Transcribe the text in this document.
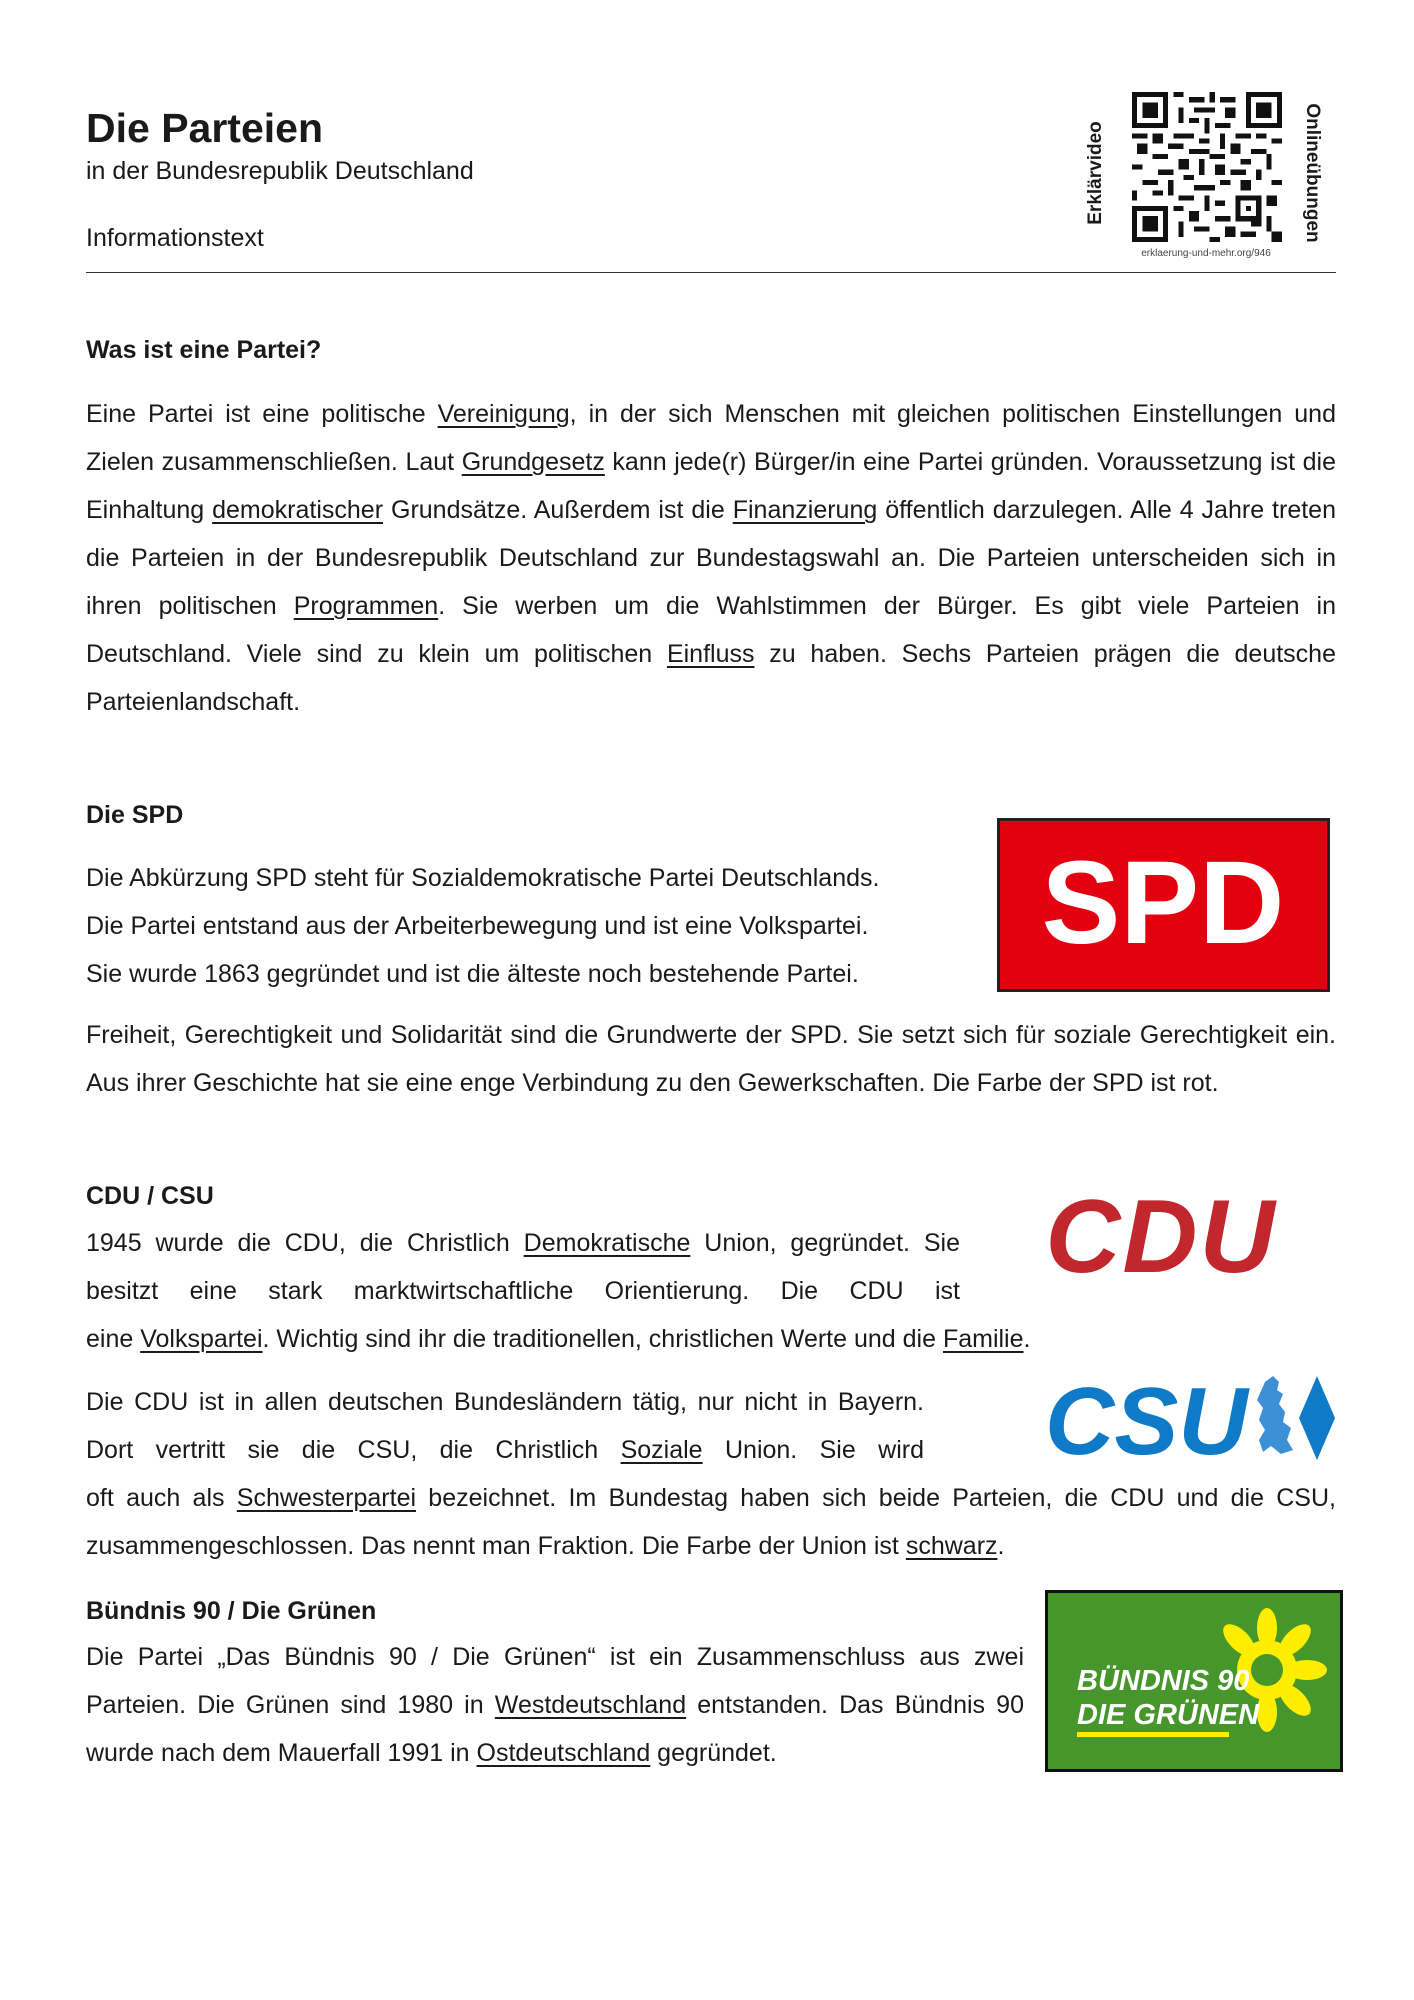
Die Parteien
in der Bundesrepublik Deutschland
Informationstext
Erklärvideo	Onlineübungen
erklaerung-und-mehr.org/946
Was ist eine Partei?

Eine Partei ist eine politische Vereinigung, in der sich Menschen mit gleichen politischen Einstellungen und Zielen zusammenschließen. Laut Grundgesetz kann jede(r) Bürger/in eine Partei gründen. Voraussetzung ist die Einhaltung demokratischer Grundsätze. Außerdem ist die Finanzierung öffentlich darzulegen. Alle 4 Jahre treten die Parteien in der Bundesrepublik Deutschland zur Bundestagswahl an. Die Parteien unterscheiden sich in ihren politischen Programmen. Sie werben um die Wahlstimmen der Bürger. Es gibt viele Parteien in Deutschland. Viele sind zu klein um politischen Einfluss zu haben. Sechs Parteien prägen die deutsche Parteienlandschaft.

Die SPD

Die Abkürzung SPD steht für Sozialdemokratische Partei Deutschlands.
Die Partei entstand aus der Arbeiterbewegung und ist eine Volkspartei.
Sie wurde 1863 gegründet und ist die älteste noch bestehende Partei.

SPD

Freiheit, Gerechtigkeit und Solidarität sind die Grundwerte der SPD. Sie setzt sich für soziale Gerechtigkeit ein. Aus ihrer Geschichte hat sie eine enge Verbindung zu den Gewerkschaften. Die Farbe der SPD ist rot.

CDU / CSU

1945 wurde die CDU, die Christlich Demokratische Union, gegründet. Sie besitzt eine stark marktwirtschaftliche Orientierung. Die CDU ist CDU

eine Volkspartei. Wichtig sind ihr die traditionellen, christlichen Werte und die Familie.

Die CDU ist in allen deutschen Bundesländern tätig, nur nicht in Bayern. Dort vertritt sie die CSU, die Christlich Soziale Union. Sie wird CSU

oft auch als Schwesterpartei bezeichnet. Im Bundestag haben sich beide Parteien, die CDU und die CSU, zusammengeschlossen. Das nennt man Fraktion. Die Farbe der Union ist schwarz.

Bündnis 90 / Die Grünen

Die Partei „Das Bündnis 90 / Die Grünen“ ist ein Zusammenschluss aus zwei Parteien. Die Grünen sind 1980 in Westdeutschland entstanden. Das Bündnis 90 wurde nach dem Mauerfall 1991 in Ostdeutschland gegründet.

BÜNDNIS 90
DIE GRÜNEN
